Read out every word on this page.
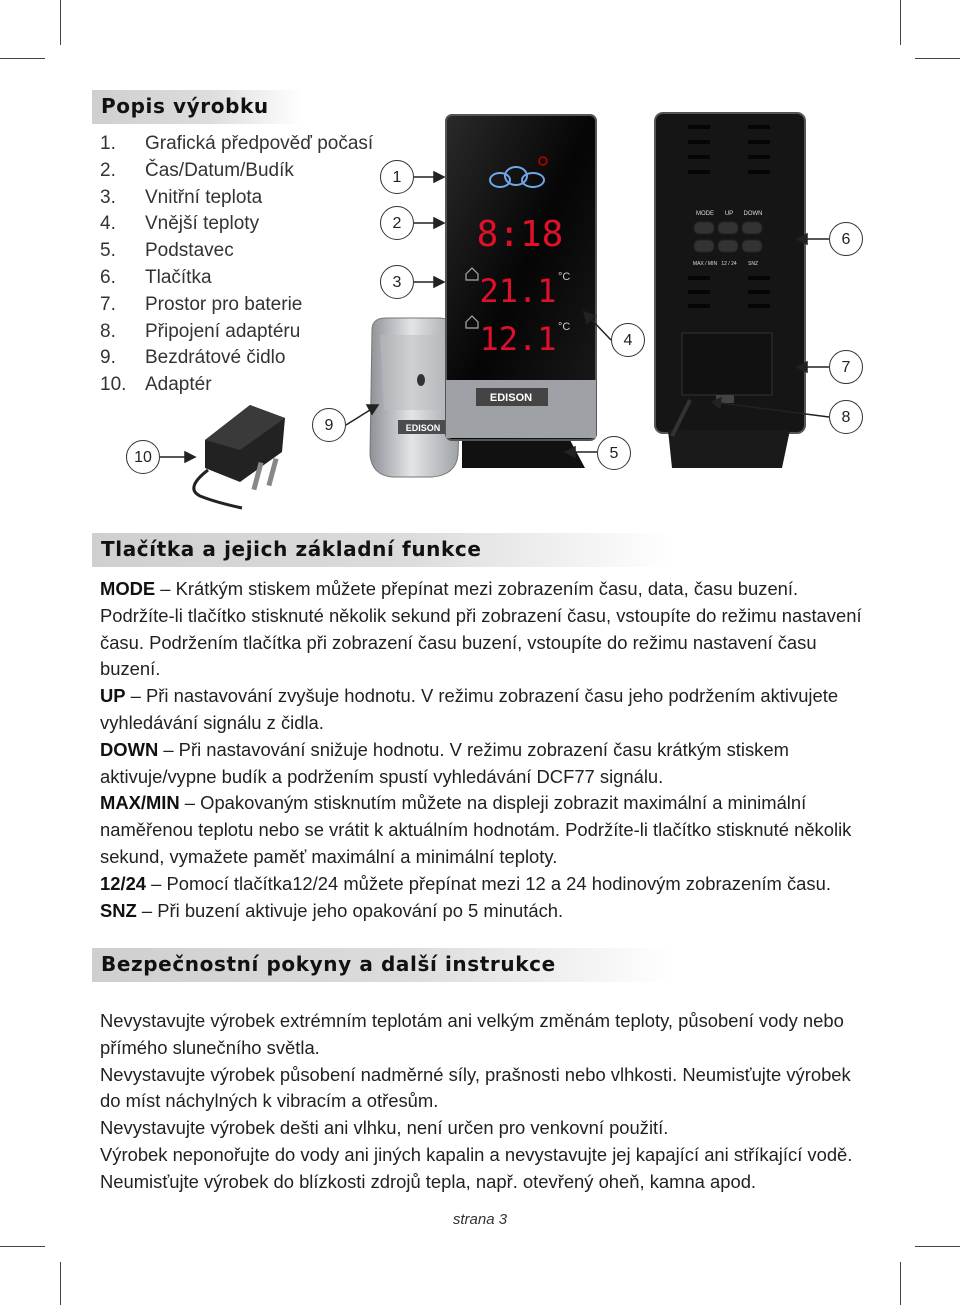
Popis výrobku
1. Grafická předpověď počasí
2. Čas/Datum/Budík
3. Vnitřní teplota
4. Vnější teploty
5. Podstavec
6. Tlačítka
7. Prostor pro baterie
8. Připojení adaptéru
9. Bezdrátové čidlo
10. Adaptér
EDISON
EDISON
8:18
21.1
12.1
°C
°C
MODE UP DOWN
MAX / MIN 12 / 24 SNZ
1
2
3
4
5
6
7
8
9
10
Tlačítka a jejich základní funkce

MODE – Krátkým stiskem můžete přepínat mezi zobrazením času, data, času buzení. Podržíte-li tlačítko stisknuté několik sekund při zobrazení času, vstoupíte do režimu nastavení času. Podržením tlačítka při zobrazení času buzení, vstoupíte do režimu nastavení času buzení.

UP – Při nastavování zvyšuje hodnotu. V režimu zobrazení času jeho podržením aktivujete vyhledávání signálu z čidla.

DOWN – Při nastavování snižuje hodnotu. V režimu zobrazení času krátkým stiskem aktivuje/vypne budík a podržením spustí vyhledávání DCF77 signálu.

MAX/MIN – Opakovaným stisknutím můžete na displeji zobrazit maximální a minimální naměřenou teplotu nebo se vrátit k aktuálním hodnotám. Podržíte-li tlačítko stisknuté několik sekund, vymažete paměť maximální a minimální teploty.

12/24 – Pomocí tlačítka12/24 můžete přepínat mezi 12 a 24 hodinovým zobrazením času.

SNZ – Při buzení aktivuje jeho opakování po 5 minutách.

Bezpečnostní pokyny a další instrukce

Nevystavujte výrobek extrémním teplotám ani velkým změnám teploty, působení vody nebo přímého slunečního světla.

Nevystavujte výrobek působení nadměrné síly, prašnosti nebo vlhkosti. Neumisťujte výrobek do míst náchylných k vibracím a otřesům.

Nevystavujte výrobek dešti ani vlhku, není určen pro venkovní použití.

Výrobek neponořujte do vody ani jiných kapalin a nevystavujte jej kapající ani stříkající vodě.

Neumisťujte výrobek do blízkosti zdrojů tepla, např. otevřený oheň, kamna apod.

strana 3
